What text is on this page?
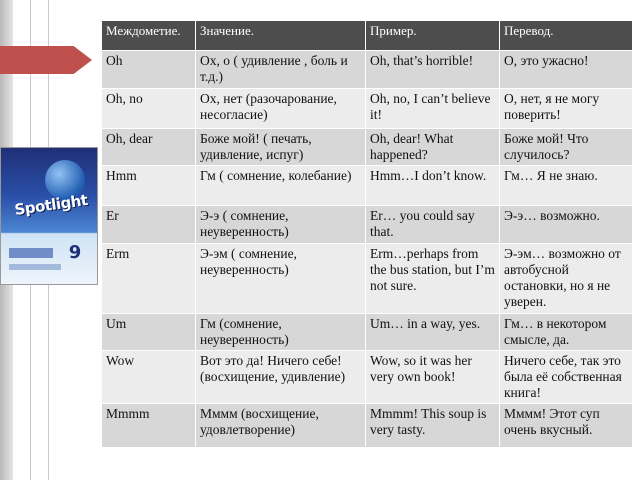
Spotlight
9
Междометие.	Значение.	Пример.	Перевод.
Oh	Ох, о ( удивление , боль и т.д.)	Oh, that’s horrible!	О, это ужасно!
Oh, no	Ох, нет (разочарование, несогласие)	Oh, no, I can’t believe it!	О, нет, я не могу поверить!
Oh, dear	Боже мой! ( печать, удивление, испуг)	Oh, dear! What happened?	Боже мой! Что случилось?
Hmm	Гм ( сомнение, колебание)	Hmm…I don’t know.	Гм… Я не знаю.
Er	Э-э ( сомнение, неуверенность)	Er… you could say that.	Э-э… возможно.
Erm	Э-эм ( сомнение, неуверенность)	Erm…perhaps from the bus station, but I’m not sure.	Э-эм… возможно от автобусной остановки, но я не уверен.
Um	Гм (сомнение, неуверенность)	Um… in a way, yes.	Гм… в некотором смысле, да.
Wow	Вот это да! Ничего себе! (восхищение, удивление)	Wow, so it was her very own book!	Ничего себе, так это была её собственная книга!
Mmmm	Мммм (восхищение, удовлетворение)	Mmmm! This soup is very tasty.	Мммм! Этот суп очень вкусный.
